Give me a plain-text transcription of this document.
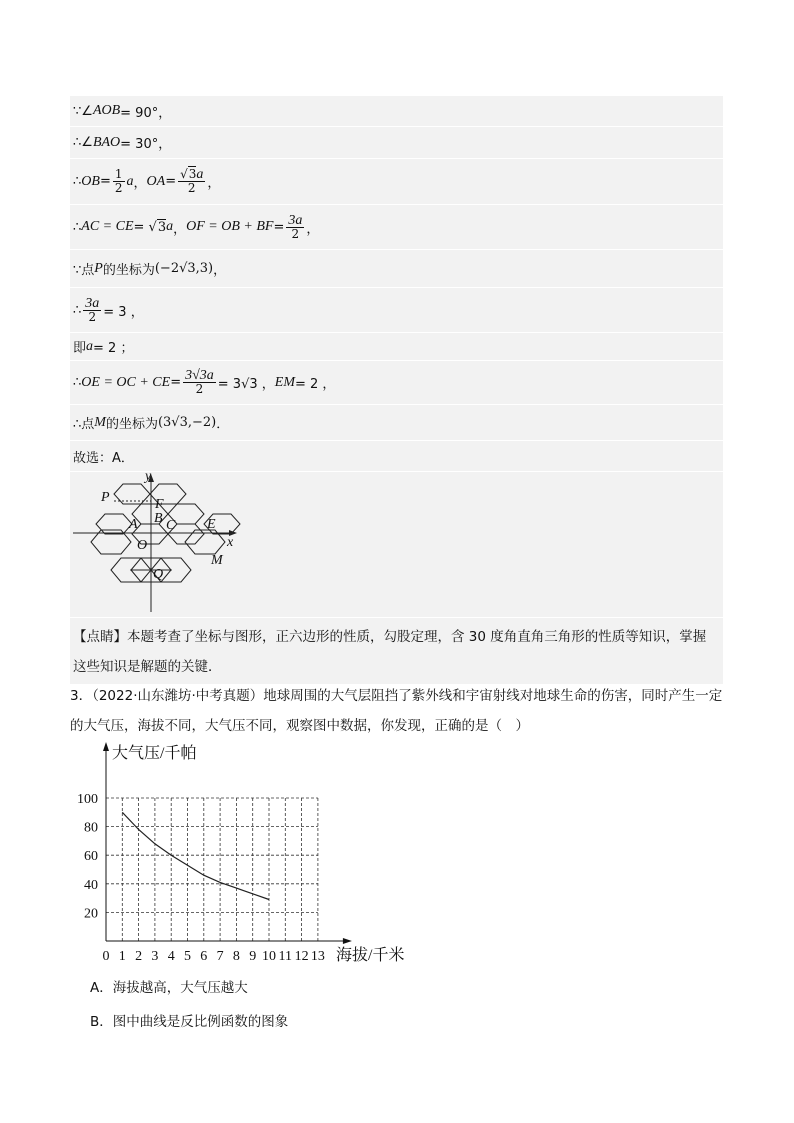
∵∠ AOB = 90°，
∴∠ BAO = 30°，
∴ OB = $\frac{1}{2}$ a ， OA = $\frac{√3a}{2}$ ，
∴ AC = CE = √ 3 a ， OF = OB + BF = $\frac{3a}{2}$ ，
∵点 P 的坐标为 (−2√3,3) ，
∴ $\frac{3a}{2} = 3$ ，
即 a = 2 ；
∴ OE = OC + CE = $\frac{3√3a}{2} = 3√3$ ， EM = 2 ，
∴点 M 的坐标为 (3√3,−2) ．
故选：A．
y
P	F
B
A C E
x
O
M
Q
【点睛】本题考查了坐标与图形，正六边形的性质，勾股定理，含 30 度角直角三角形的性质等知识，掌握这些知识是解题的关键．
3．（2022·山东潍坊·中考真题）地球周围的大气层阻挡了紫外线和宇宙射线对地球生命的伤害，同时产生一定的大气压，海拔不同，大气压不同，观察图中数据，你发现，正确的是（　）
0 1 2 3 4 5 6 7 8 9 10 11 12 13
20
40
60
80
100
大气压/千帕
海拔/千米
A．海拔越高，大气压越大
B．图中曲线是反比例函数的图象
